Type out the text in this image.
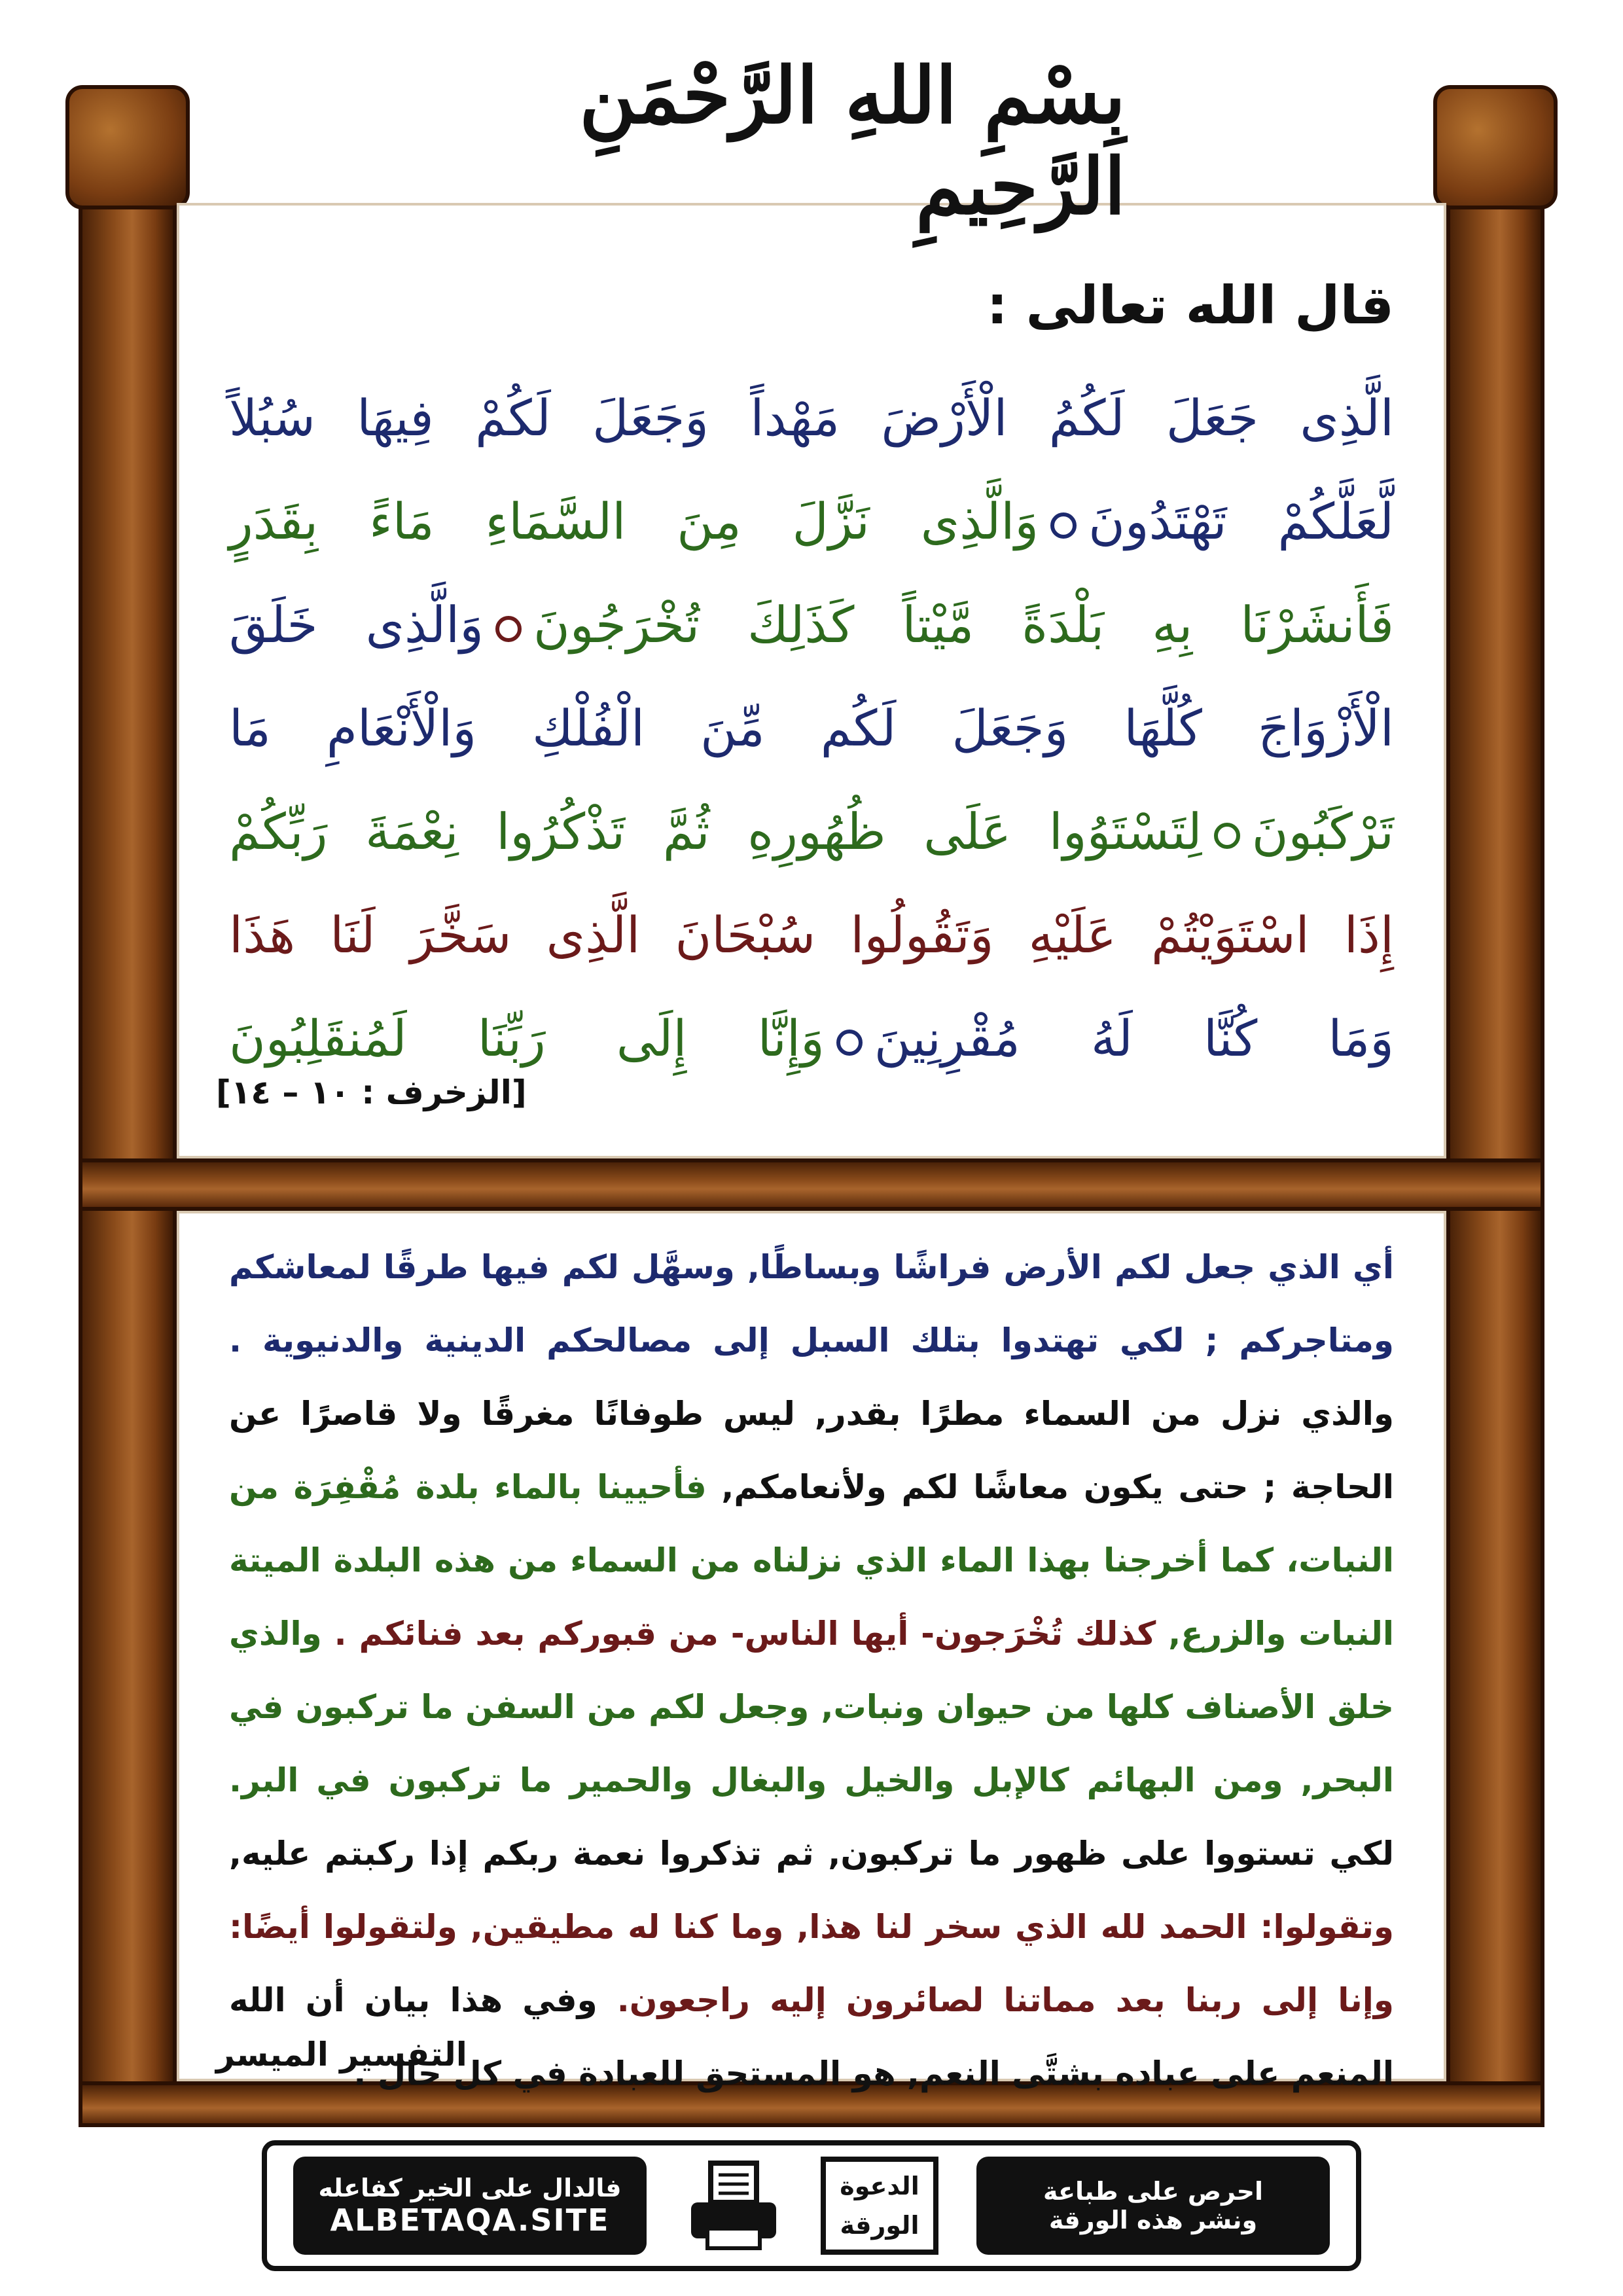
بِسْمِ اللهِ الرَّحْمَنِ الرَّحِيمِ
قال الله تعالى :
الَّذِى جَعَلَ لَكُمُ الْأَرْضَ مَهْداً وَجَعَلَ لَكُمْ فِيهَا سُبُلاً
لَّعَلَّكُمْ تَهْتَدُونَوَالَّذِى نَزَّلَ مِنَ السَّمَاءِ مَاءً بِقَدَرٍ
فَأَنشَرْنَا بِهِ بَلْدَةً مَّيْتاً كَذَلِكَ تُخْرَجُونَوَالَّذِى خَلَقَ
الْأَزْوَاجَ كُلَّهَا وَجَعَلَ لَكُم مِّنَ الْفُلْكِ وَالْأَنْعَامِ مَا
تَرْكَبُونَلِتَسْتَوُوا عَلَى ظُهُورِهِ ثُمَّ تَذْكُرُوا نِعْمَةَ رَبِّكُمْ
إِذَا اسْتَوَيْتُمْ عَلَيْهِ وَتَقُولُوا سُبْحَانَ الَّذِى سَخَّرَ لَنَا هَذَا
وَمَا كُنَّا لَهُ مُقْرِنِينَوَإِنَّا إِلَى رَبِّنَا لَمُنقَلِبُونَ
[الزخرف : ١٠ – ١٤]

أي الذي جعل لكم الأرض فراشًا وبساطًا, وسهَّل لكم فيها طرقًا لمعاشكم ومتاجركم ; لكي تهتدوا بتلك السبل إلى مصالحكم الدينية والدنيوية . والذي نزل من السماء مطرًا بقدر, ليس طوفانًا مغرقًا ولا قاصرًا عن الحاجة ; حتى يكون معاشًا لكم ولأنعامكم, فأحيينا بالماء بلدة مُقْفِرَة من النبات، كما أخرجنا بهذا الماء الذي نزلناه من السماء من هذه البلدة الميتة النبات والزرع, كذلك تُخْرَجون- أيها الناس- من قبوركم بعد فنائكم . والذي خلق الأصناف كلها من حيوان ونبات, وجعل لكم من السفن ما تركبون في البحر, ومن البهائم كالإبل والخيل والبغال والحمير ما تركبون في البر. لكي تستووا على ظهور ما تركبون, ثم تذكروا نعمة ربكم إذا ركبتم عليه, وتقولوا: الحمد لله الذي سخر لنا هذا, وما كنا له مطيقين, ولتقولوا أيضًا: وإنا إلى ربنا بعد مماتنا لصائرون إليه راجعون. وفي هذا بيان أن الله المنعم على عباده بشتَّى النعم, هو المستحق للعبادة في كل حال .

التفسير الميسر
فالدال على الخير كفاعله
ALBETAQA.SITE
الدعوة
الورقة
احرص على طباعة
ونشر هذه الورقة
